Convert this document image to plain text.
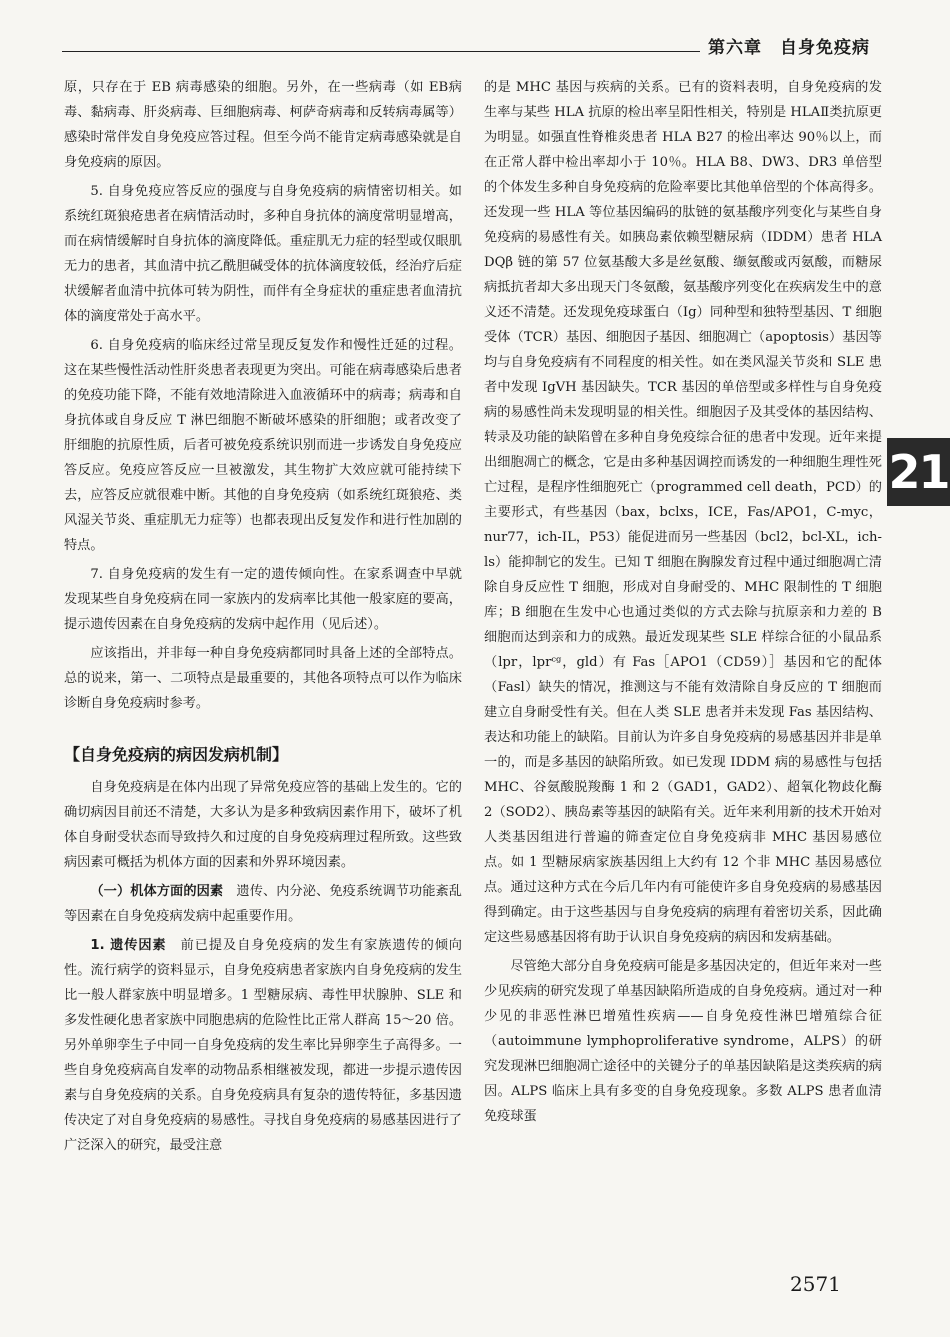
第六章　自身免疫病

原，只存在于 EB 病毒感染的细胞。另外，在一些病毒（如 EB病毒、黏病毒、肝炎病毒、巨细胞病毒、柯萨奇病毒和反转病毒属等）感染时常伴发自身免疫应答过程。但至今尚不能肯定病毒感染就是自身免疫病的原因。

5. 自身免疫应答反应的强度与自身免疫病的病情密切相关。如系统红斑狼疮患者在病情活动时，多种自身抗体的滴度常明显增高，而在病情缓解时自身抗体的滴度降低。重症肌无力症的轻型或仅眼肌无力的患者，其血清中抗乙酰胆碱受体的抗体滴度较低，经治疗后症状缓解者血清中抗体可转为阴性，而伴有全身症状的重症患者血清抗体的滴度常处于高水平。

6. 自身免疫病的临床经过常呈现反复发作和慢性迁延的过程。这在某些慢性活动性肝炎患者表现更为突出。可能在病毒感染后患者的免疫功能下降，不能有效地清除进入血液循环中的病毒；病毒和自身抗体或自身反应 T 淋巴细胞不断破坏感染的肝细胞；或者改变了肝细胞的抗原性质，后者可被免疫系统识别而进一步诱发自身免疫应答反应。免疫应答反应一旦被激发，其生物扩大效应就可能持续下去，应答反应就很难中断。其他的自身免疫病（如系统红斑狼疮、类风湿关节炎、重症肌无力症等）也都表现出反复发作和进行性加剧的特点。

7. 自身免疫病的发生有一定的遗传倾向性。在家系调查中早就发现某些自身免疫病在同一家族内的发病率比其他一般家庭的要高，提示遗传因素在自身免疫病的发病中起作用（见后述）。

应该指出，并非每一种自身免疫病都同时具备上述的全部特点。总的说来，第一、二项特点是最重要的，其他各项特点可以作为临床诊断自身免疫病时参考。

【自身免疫病的病因发病机制】

自身免疫病是在体内出现了异常免疫应答的基础上发生的。它的确切病因目前还不清楚，大多认为是多种致病因素作用下，破坏了机体自身耐受状态而导致持久和过度的自身免疫病理过程所致。这些致病因素可概括为机体方面的因素和外界环境因素。

（一）机体方面的因素　遗传、内分泌、免疫系统调节功能紊乱等因素在自身免疫病发病中起重要作用。

1. 遗传因素　前已提及自身免疫病的发生有家族遗传的倾向性。流行病学的资料显示，自身免疫病患者家族内自身免疫病的发生比一般人群家族中明显增多。1 型糖尿病、毒性甲状腺肿、SLE 和多发性硬化患者家族中同胞患病的危险性比正常人群高 15～20 倍。另外单卵孪生子中同一自身免疫病的发生率比异卵孪生子高得多。一些自身免疫病高自发率的动物品系相继被发现，都进一步提示遗传因素与自身免疫病的关系。自身免疫病具有复杂的遗传特征，多基因遗传决定了对自身免疫病的易感性。寻找自身免疫病的易感基因进行了广泛深入的研究，最受注意

的是 MHC 基因与疾病的关系。已有的资料表明，自身免疫病的发生率与某些 HLA 抗原的检出率呈阳性相关，特别是 HLAⅡ类抗原更为明显。如强直性脊椎炎患者 HLA B27 的检出率达 90％以上，而在正常人群中检出率却小于 10％。HLA B8、DW3、DR3 单倍型的个体发生多种自身免疫病的危险率要比其他单倍型的个体高得多。还发现一些 HLA 等位基因编码的肽链的氨基酸序列变化与某些自身免疫病的易感性有关。如胰岛素依赖型糖尿病（IDDM）患者 HLA DQβ 链的第 57 位氨基酸大多是丝氨酸、缬氨酸或丙氨酸，而糖尿病抵抗者却大多出现天门冬氨酸，氨基酸序列变化在疾病发生中的意义还不清楚。还发现免疫球蛋白（Ig）同种型和独特型基因、T 细胞受体（TCR）基因、细胞因子基因、细胞凋亡（apoptosis）基因等均与自身免疫病有不同程度的相关性。如在类风湿关节炎和 SLE 患者中发现 IgVH 基因缺失。TCR 基因的单倍型或多样性与自身免疫病的易感性尚未发现明显的相关性。细胞因子及其受体的基因结构、转录及功能的缺陷曾在多种自身免疫综合征的患者中发现。近年来提出细胞凋亡的概念，它是由多种基因调控而诱发的一种细胞生理性死亡过程，是程序性细胞死亡（programmed cell death，PCD）的主要形式，有些基因（bax，bclxs，ICE，Fas/APO1，C-myc，nur77，ich-IL，P53）能促进而另一些基因（bcl2，bcl-XL，ich-ls）能抑制它的发生。已知 T 细胞在胸腺发育过程中通过细胞凋亡清除自身反应性 T 细胞，形成对自身耐受的、MHC 限制性的 T 细胞库；B 细胞在生发中心也通过类似的方式去除与抗原亲和力差的 B 细胞而达到亲和力的成熟。最近发现某些 SLE 样综合征的小鼠品系（lpr，lprᶜᵍ，gld）有 Fas［APO1（CD59）］基因和它的配体（Fasl）缺失的情况，推测这与不能有效清除自身反应的 T 细胞而建立自身耐受性有关。但在人类 SLE 患者并未发现 Fas 基因结构、表达和功能上的缺陷。目前认为许多自身免疫病的易感基因并非是单一的，而是多基因的缺陷所致。如已发现 IDDM 病的易感性与包括 MHC、谷氨酸脱羧酶 1 和 2（GAD1，GAD2）、超氧化物歧化酶 2（SOD2）、胰岛素等基因的缺陷有关。近年来利用新的技术开始对人类基因组进行普遍的筛查定位自身免疫病非 MHC 基因易感位点。如 1 型糖尿病家族基因组上大约有 12 个非 MHC 基因易感位点。通过这种方式在今后几年内有可能使许多自身免疫病的易感基因得到确定。由于这些基因与自身免疫病的病理有着密切关系，因此确定这些易感基因将有助于认识自身免疫病的病因和发病基础。

尽管绝大部分自身免疫病可能是多基因决定的，但近年来对一些少见疾病的研究发现了单基因缺陷所造成的自身免疫病。通过对一种少见的非恶性淋巴增殖性疾病——自身免疫性淋巴增殖综合征（autoimmune lymphoproliferative syndrome，ALPS）的研究发现淋巴细胞凋亡途径中的关键分子的单基因缺陷是这类疾病的病因。ALPS 临床上具有多变的自身免疫现象。多数 ALPS 患者血清免疫球蛋

21
2571
